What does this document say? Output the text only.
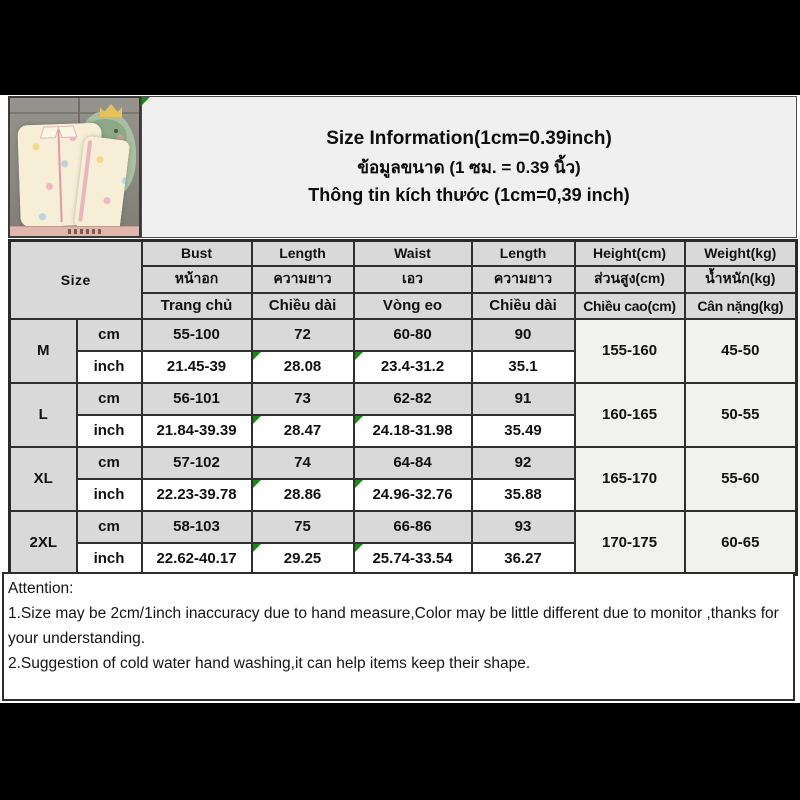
Size Information(1cm=0.39inch)
ข้อมูลขนาด (1 ซม. = 0.39 นิ้ว)
Thông tin kích thước (1cm=0,39 inch)
Size		Bust	Length	Waist	Length	Height(cm)	Weight(kg)
		หน้าอก	ความยาว	เอว	ความยาว	ส่วนสูง(cm)	น้ำหนัก(kg)
		Trang chủ	Chiều dài	Vòng eo	Chiều dài	Chiều cao(cm)	Cân nặng(kg)
M	cm	55-100	72	60-80	90	155-160	45-50
	inch	21.45-39	28.08	23.4-31.2	35.1		
L	cm	56-101	73	62-82	91	160-165	50-55
	inch	21.84-39.39	28.47	24.18-31.98	35.49		
XL	cm	57-102	74	64-84	92	165-170	55-60
	inch	22.23-39.78	28.86	24.96-32.76	35.88		
2XL	cm	58-103	75	66-86	93	170-175	60-65
	inch	22.62-40.17	29.25	25.74-33.54	36.27		
Attention:
1.Size may be 2cm/1inch inaccuracy due to hand measure,Color may be little different due to monitor ,thanks for your understanding.
2.Suggestion of cold water hand washing,it can help items keep their shape.
